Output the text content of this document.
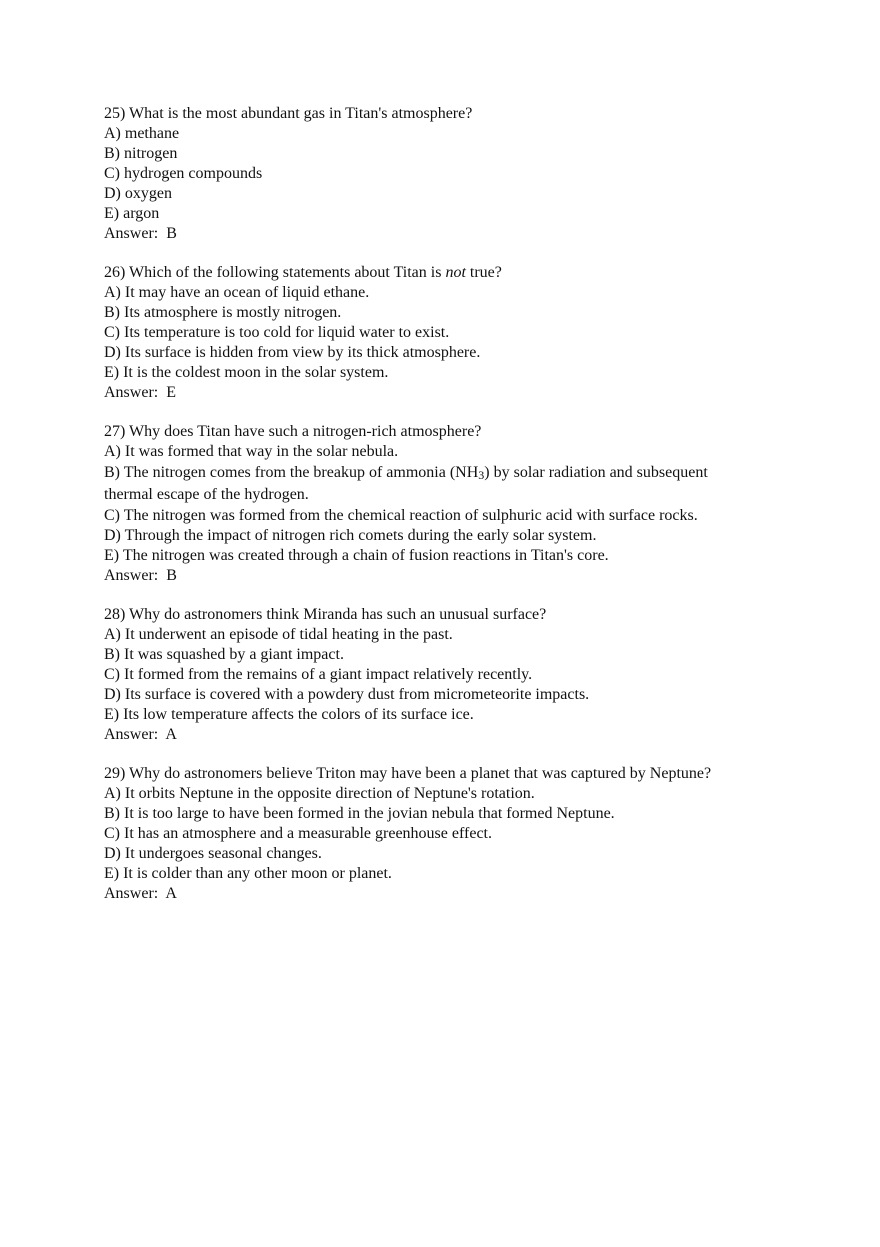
25) What is the most abundant gas in Titan's atmosphere?

A) methane

B) nitrogen

C) hydrogen compounds

D) oxygen

E) argon

Answer:  B

26) Which of the following statements about Titan is not true?

A) It may have an ocean of liquid ethane.

B) Its atmosphere is mostly nitrogen.

C) Its temperature is too cold for liquid water to exist.

D) Its surface is hidden from view by its thick atmosphere.

E) It is the coldest moon in the solar system.

Answer:  E

27) Why does Titan have such a nitrogen-rich atmosphere?

A) It was formed that way in the solar nebula.

B) The nitrogen comes from the breakup of ammonia (NH3) by solar radiation and subsequent

thermal escape of the hydrogen.

C) The nitrogen was formed from the chemical reaction of sulphuric acid with surface rocks.

D) Through the impact of nitrogen rich comets during the early solar system.

E) The nitrogen was created through a chain of fusion reactions in Titan's core.

Answer:  B

28) Why do astronomers think Miranda has such an unusual surface?

A) It underwent an episode of tidal heating in the past.

B) It was squashed by a giant impact.

C) It formed from the remains of a giant impact relatively recently.

D) Its surface is covered with a powdery dust from micrometeorite impacts.

E) Its low temperature affects the colors of its surface ice.

Answer:  A

29) Why do astronomers believe Triton may have been a planet that was captured by Neptune?

A) It orbits Neptune in the opposite direction of Neptune's rotation.

B) It is too large to have been formed in the jovian nebula that formed Neptune.

C) It has an atmosphere and a measurable greenhouse effect.

D) It undergoes seasonal changes.

E) It is colder than any other moon or planet.

Answer:  A
